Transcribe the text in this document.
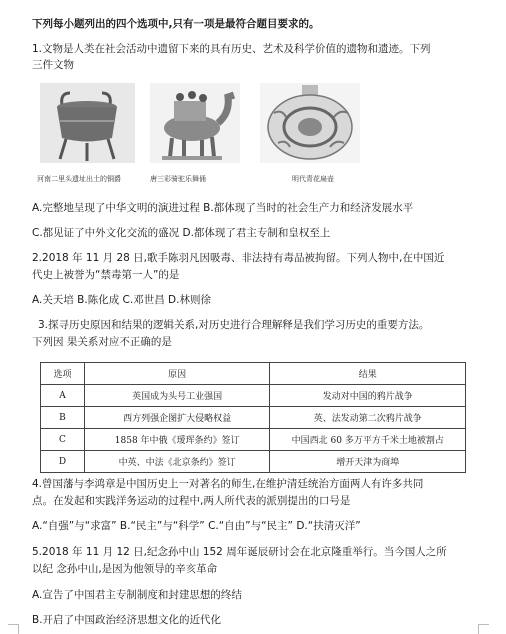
下列每小题列出的四个选项中,只有一项是最符合题目要求的。
1.文物是人类在社会活动中遗留下来的具有历史、艺术及科学价值的遗物和遗迹。下列
三件文物
河南二里头遗址出土的铜爵	唐三彩骑驼乐舞俑	明代青花扁壶
A.完整地呈现了中华文明的演进过程 B.都体现了当时的社会生产力和经济发展水平
C.都见证了中外文化交流的盛况 D.都体现了君主专制和皇权至上
2.2018 年 11 月 28 日,歌手陈羽凡因吸毒、非法持有毒品被拘留。下列人物中,在中国近
代史上被誉为“禁毒第一人”的是
A.关天培 B.陈化成 C.邓世昌 D.林则徐
3.探寻历史原因和结果的逻辑关系,对历史进行合理解释是我们学习历史的重要方法。
下列因 果关系对应不正确的是
选项	原因	结果
A	英国成为头号工业强国	发动对中国的鸦片战争
B	西方列强企图扩大侵略权益	英、法发动第二次鸦片战争
C	1858 年中俄《瑷珲条约》签订	中国西北 60 多万平方千米土地被割占
D	中英、中法《北京条约》签订	增开天津为商埠
4.曾国藩与李鸿章是中国历史上一对著名的师生,在维护清廷统治方面两人有许多共同
点。在发起和实践洋务运动的过程中,两人所代表的派别提出的口号是
A.“自强”与“求富” B.“民主”与“科学” C.“自由”与“民主” D.“扶清灭洋”
5.2018 年 11 月 12 日,纪念孙中山 152 周年诞辰研讨会在北京隆重举行。当今国人之所
以纪 念孙中山,是因为他领导的辛亥革命
A.宣告了中国君主专制制度和封建思想的终结
B.开启了中国政治经济思想文化的近代化
